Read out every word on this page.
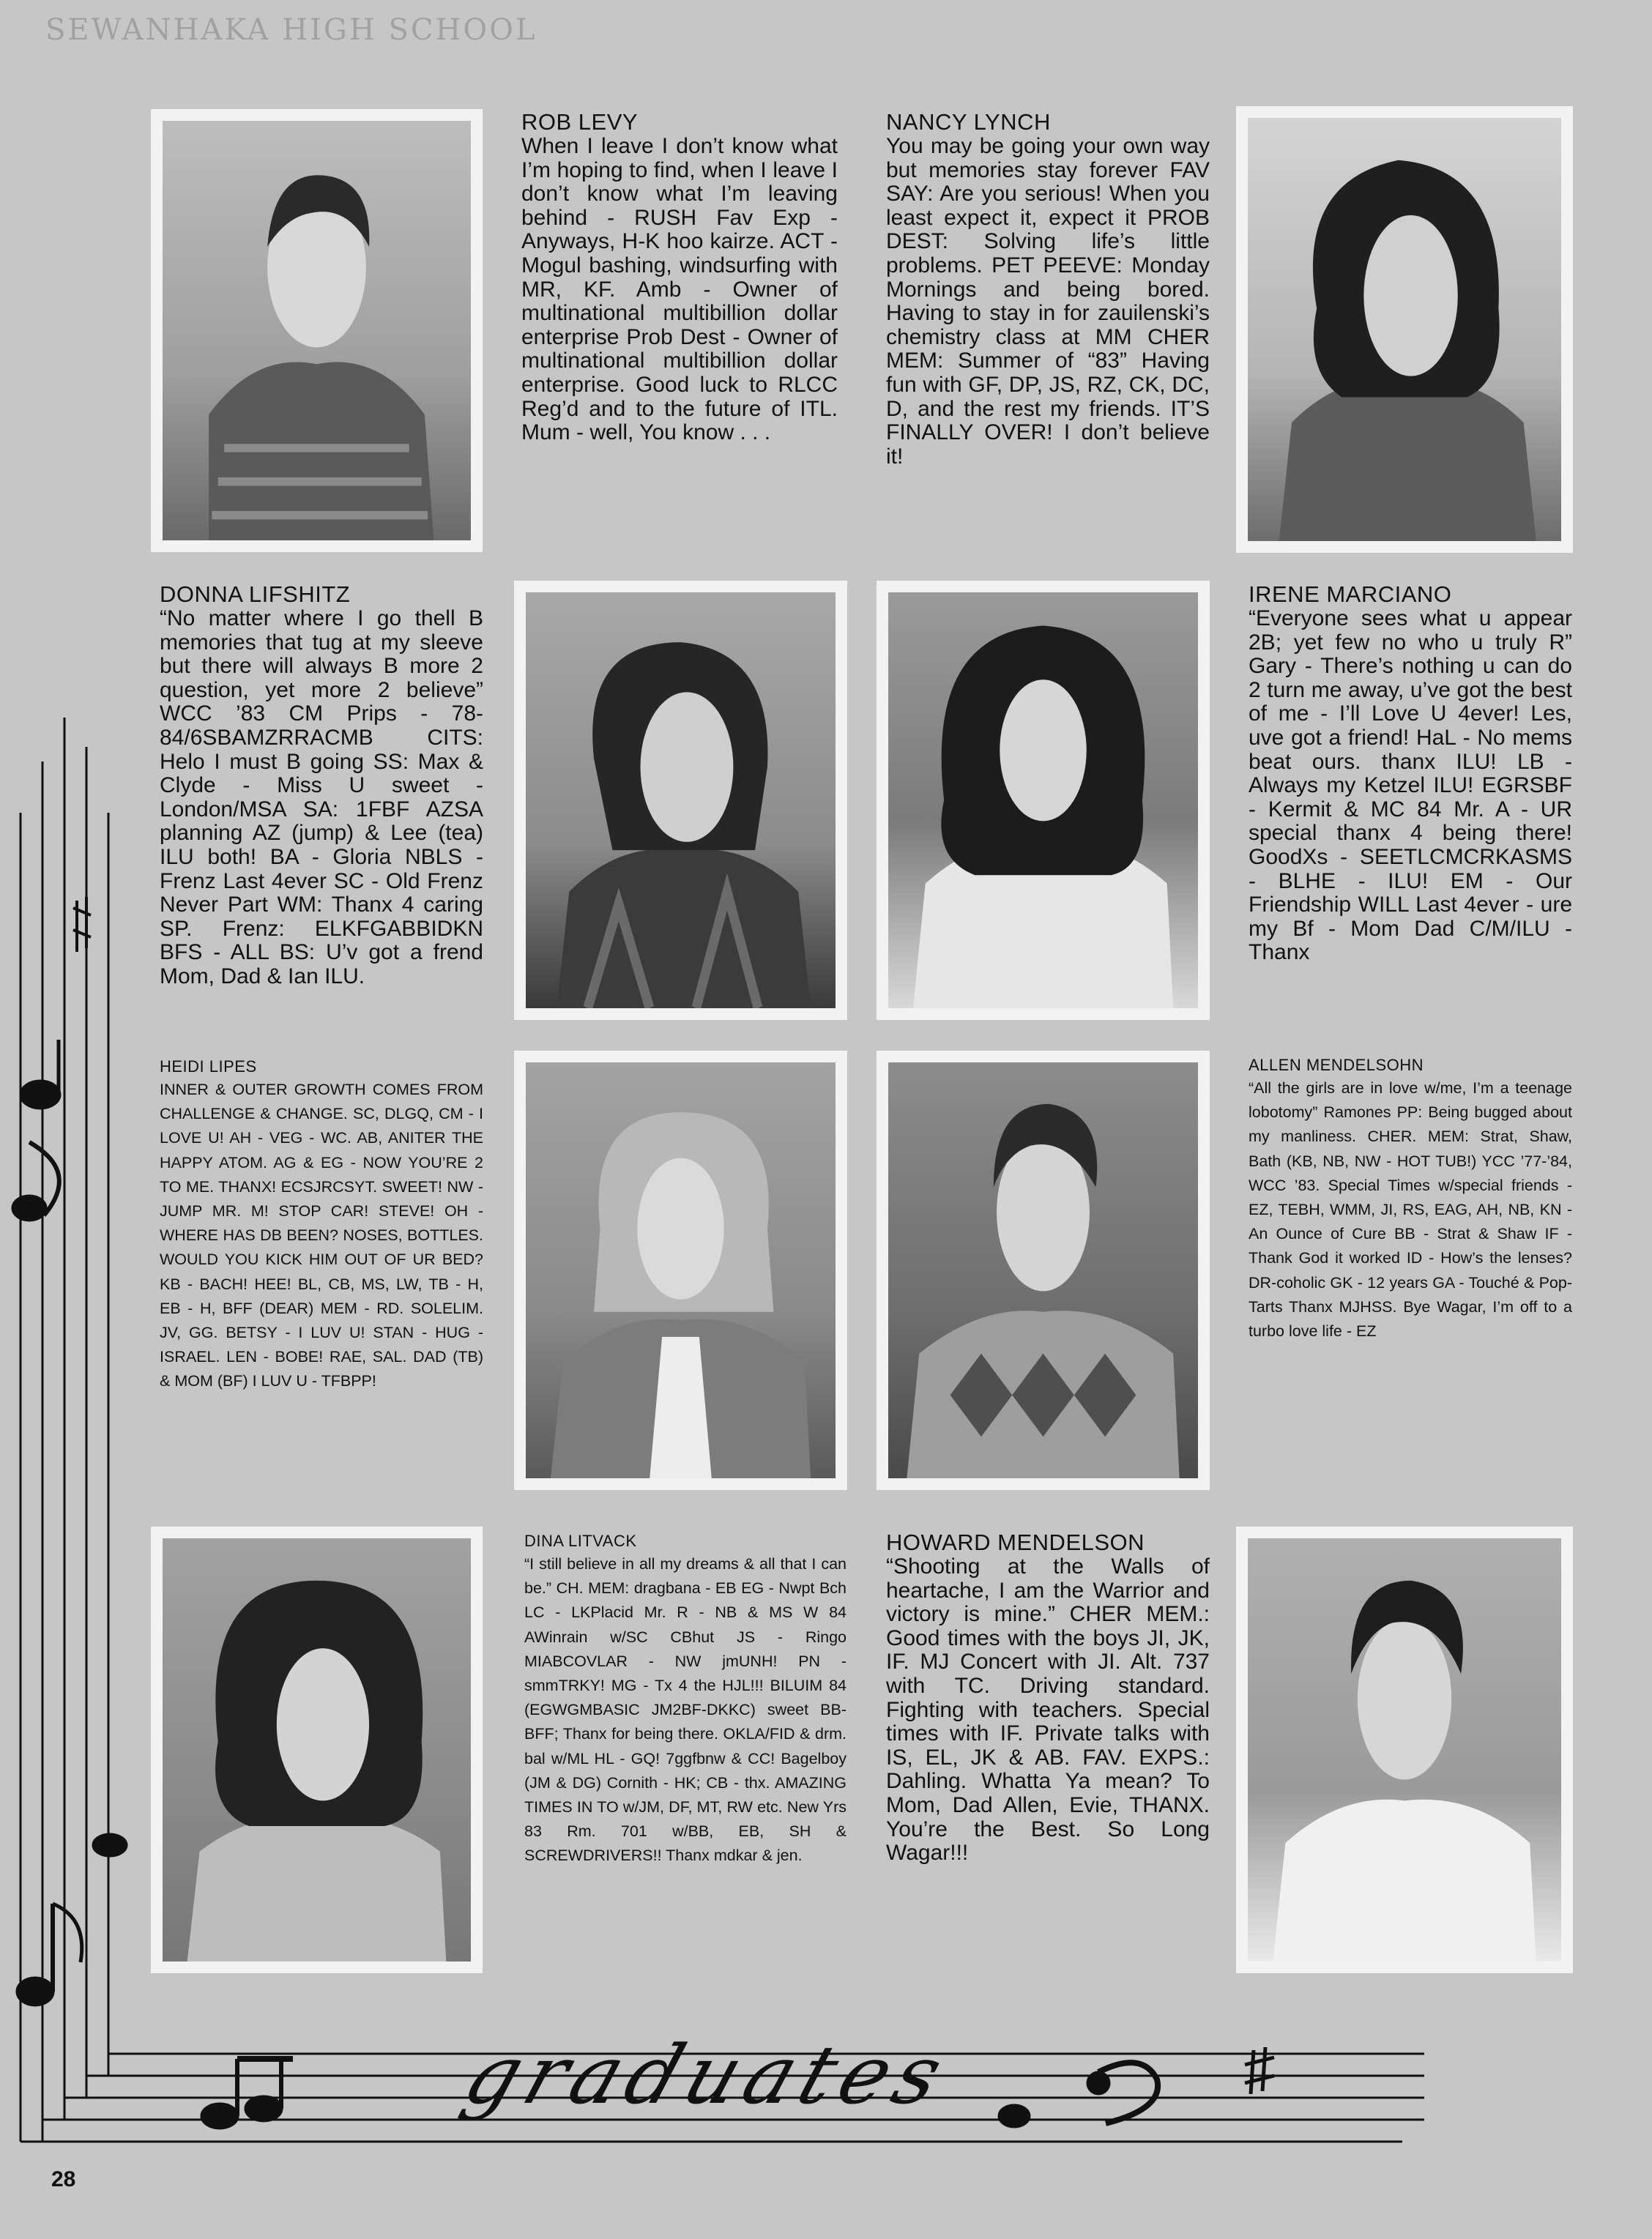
SEWANHAKA HIGH SCHOOL

ROB LEVY

When I leave I don’t know what I’m hoping to find, when I leave I don’t know what I’m leaving behind - RUSH Fav Exp - Anyways, H-K hoo kairze. ACT - Mogul bashing, windsurfing with MR, KF. Amb - Owner of multinational multibillion dollar enterprise Prob Dest - Owner of multinational multibillion dollar enterprise. Good luck to RLCC Reg’d and to the future of ITL. Mum - well, You know . . .

NANCY LYNCH

You may be going your own way but memories stay forever FAV SAY: Are you serious! When you least expect it, expect it PROB DEST: Solving life’s little problems. PET PEEVE: Monday Mornings and being bored. Having to stay in for zauilenski’s chemistry class at MM CHER MEM: Summer of “83” Having fun with GF, DP, JS, RZ, CK, DC, D, and the rest my friends. IT’S FINALLY OVER! I don’t believe it!

DONNA LIFSHITZ

“No matter where I go thell B memories that tug at my sleeve but there will always B more 2 question, yet more 2 believe” WCC ’83 CM Prips - 78-84/6SBAMZRRACMB CITS: Helo I must B going SS: Max & Clyde - Miss U sweet - London/MSA SA: 1FBF AZSA planning AZ (jump) & Lee (tea) ILU both! BA - Gloria NBLS - Frenz Last 4ever SC - Old Frenz Never Part WM: Thanx 4 caring SP. Frenz: ELKFGABBIDKN BFS - ALL BS: U’v got a frend Mom, Dad & Ian ILU.

IRENE MARCIANO

“Everyone sees what u appear 2B; yet few no who u truly R” Gary - There’s nothing u can do 2 turn me away, u’ve got the best of me - I’ll Love U 4ever! Les, uve got a friend! HaL - No mems beat ours. thanx ILU! LB - Always my Ketzel ILU! EGRSBF - Kermit & MC 84 Mr. A - UR special thanx 4 being there! GoodXs - SEETLCMCRKASMS - BLHE - ILU! EM - Our Friendship WILL Last 4ever - ure my Bf - Mom Dad C/M/ILU - Thanx

HEIDI LIPES

INNER & OUTER GROWTH COMES FROM CHALLENGE & CHANGE. SC, DLGQ, CM - I LOVE U! AH - VEG - WC. AB, ANITER THE HAPPY ATOM. AG & EG - NOW YOU’RE 2 TO ME. THANX! ECSJRCSYT. SWEET! NW - JUMP MR. M! STOP CAR! STEVE! OH - WHERE HAS DB BEEN? NOSES, BOTTLES. WOULD YOU KICK HIM OUT OF UR BED? KB - BACH! HEE! BL, CB, MS, LW, TB - H, EB - H, BFF (DEAR) MEM - RD. SOLELIM. JV, GG. BETSY - I LUV U! STAN - HUG - ISRAEL. LEN - BOBE! RAE, SAL. DAD (TB) & MOM (BF) I LUV U - TFBPP!

ALLEN MENDELSOHN

“All the girls are in love w/me, I’m a teenage lobotomy” Ramones PP: Being bugged about my manliness. CHER. MEM: Strat, Shaw, Bath (KB, NB, NW - HOT TUB!) YCC ’77-’84, WCC ’83. Special Times w/special friends - EZ, TEBH, WMM, JI, RS, EAG, AH, NB, KN - An Ounce of Cure BB - Strat & Shaw IF - Thank God it worked ID - How’s the lenses? DR-coholic GK - 12 years GA - Touché & Pop-Tarts Thanx MJHSS. Bye Wagar, I’m off to a turbo love life - EZ

DINA LITVACK

“I still believe in all my dreams & all that I can be.” CH. MEM: dragbana - EB EG - Nwpt Bch LC - LKPlacid Mr. R - NB & MS W 84 AWinrain w/SC CBhut JS - Ringo MIABCOVLAR - NW jmUNH! PN - smmTRKY! MG - Tx 4 the HJL!!! BILUIM 84 (EGWGMBASIC JM2BF-DKKC) sweet BB-BFF; Thanx for being there. OKLA/FID & drm. bal w/ML HL - GQ! 7ggfbnw & CC! Bagelboy (JM & DG) Cornith - HK; CB - thx. AMAZING TIMES IN TO w/JM, DF, MT, RW etc. New Yrs 83 Rm. 701 w/BB, EB, SH & SCREWDRIVERS!! Thanx mdkar & jen.

HOWARD MENDELSON

“Shooting at the Walls of heartache, I am the Warrior and victory is mine.” CHER MEM.: Good times with the boys JI, JK, IF. MJ Concert with JI. Alt. 737 with TC. Driving standard. Fighting with teachers. Special times with IF. Private talks with IS, EL, JK & AB. FAV. EXPS.: Dahling. Whatta Ya mean? To Mom, Dad Allen, Evie, THANX. You’re the Best. So Long Wagar!!!

graduates
28
